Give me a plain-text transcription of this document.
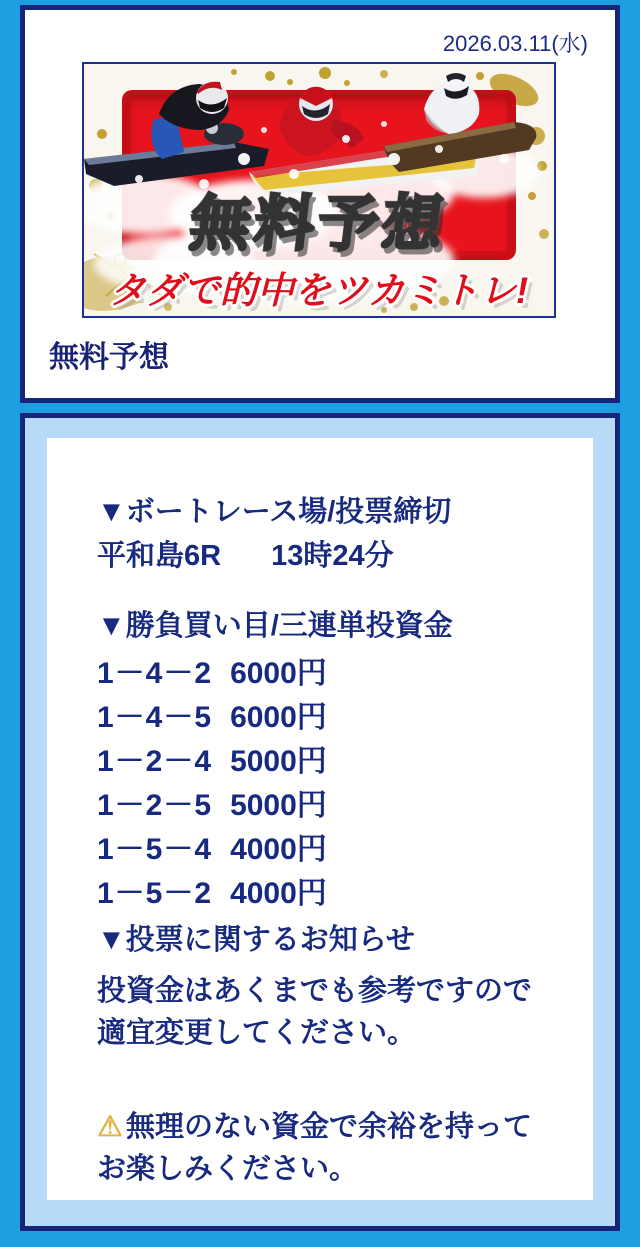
2026.03.11(水)
無料予想
タダで的中をツカミトレ!
無料予想
▼ボートレース場/投票締切

平和島6R 13時24分

▼勝負買い目/三連単投資金
1－4－2 6000円
1－4－5 6000円
1－2－4 5000円
1－2－5 5000円
1－5－4 4000円
1－5－2 4000円
▼投票に関するお知らせ

投資金はあくまでも参考ですので適宜変更してください。

⚠ 無理のない資金で余裕を持ってお楽しみください。
